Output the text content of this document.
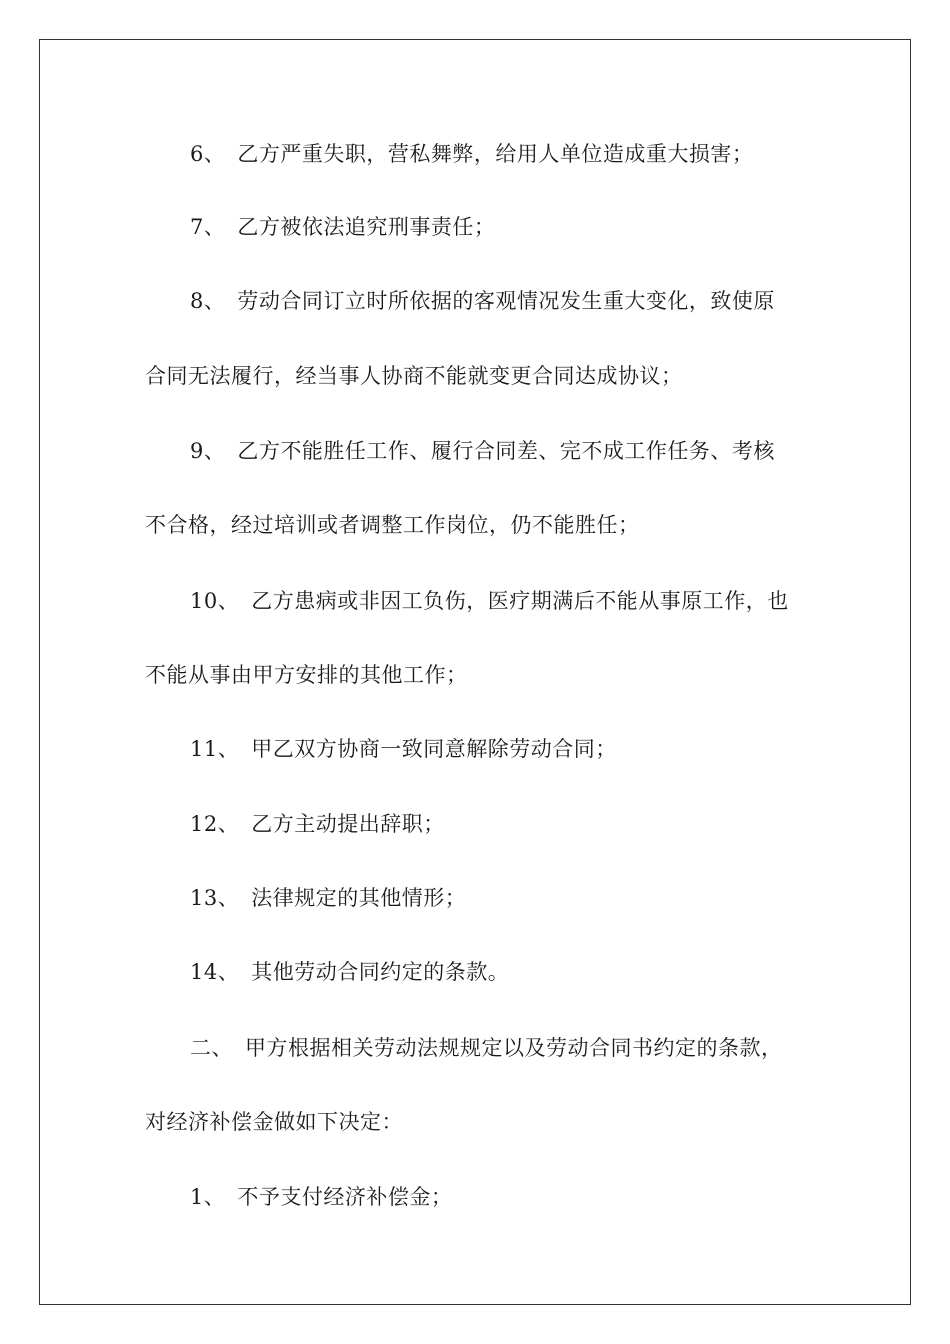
6、 乙方严重失职，营私舞弊，给用人单位造成重大损害；
7、 乙方被依法追究刑事责任；
8、 劳动合同订立时所依据的客观情况发生重大变化，致使原
合同无法履行，经当事人协商不能就变更合同达成协议；
9、 乙方不能胜任工作、履行合同差、完不成工作任务、考核
不合格，经过培训或者调整工作岗位，仍不能胜任；
10、 乙方患病或非因工负伤，医疗期满后不能从事原工作，也
不能从事由甲方安排的其他工作；
11、 甲乙双方协商一致同意解除劳动合同；
12、 乙方主动提出辞职；
13、 法律规定的其他情形；
14、 其他劳动合同约定的条款。
二、 甲方根据相关劳动法规规定以及劳动合同书约定的条款，
对经济补偿金做如下决定：
1、 不予支付经济补偿金；
